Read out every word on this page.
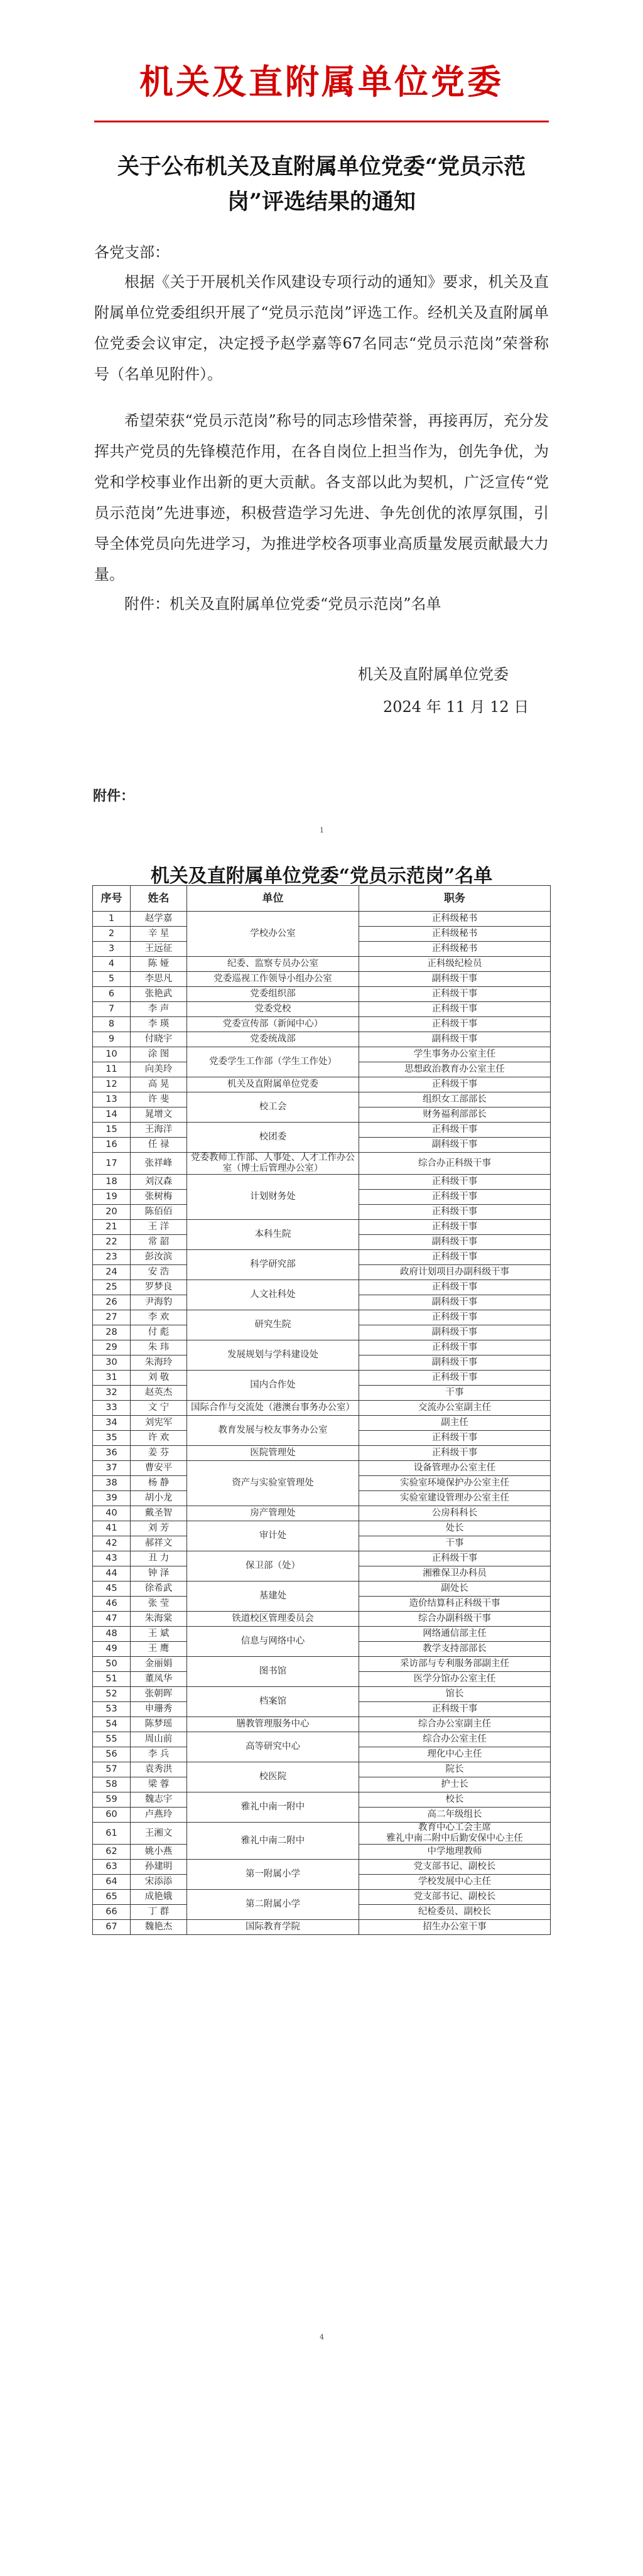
机关及直附属单位党委
关于公布机关及直附属单位党委“党员示范岗”评选结果的通知
各党支部：
根据《关于开展机关作风建设专项行动的通知》要求，机关及直附属单位党委组织开展了“党员示范岗”评选工作。经机关及直附属单位党委会议审定，决定授予赵学嘉等67名同志“党员示范岗”荣誉称号（名单见附件）。
希望荣获“党员示范岗”称号的同志珍惜荣誉，再接再厉，充分发挥共产党员的先锋模范作用，在各自岗位上担当作为，创先争优，为党和学校事业作出新的更大贡献。各支部以此为契机，广泛宣传“党员示范岗”先进事迹，积极营造学习先进、争先创优的浓厚氛围，引导全体党员向先进学习，为推进学校各项事业高质量发展贡献最大力量。
附件：机关及直附属单位党委“党员示范岗”名单
机关及直附属单位党委
2024 年 11 月 12 日
附件：
1
机关及直附属单位党委“党员示范岗”名单
序号	姓名	单位	职务
1	赵学嘉	学校办公室	正科级秘书
2	辛 星		正科级秘书
3	王远征		正科级秘书
4	陈 娅	纪委、监察专员办公室	正科级纪检员
5	李思凡	党委巡视工作领导小组办公室	副科级干事
6	张艳武	党委组织部	正科级干事
7	李 声	党委党校	正科级干事
8	李 瑛	党委宣传部（新闻中心）	正科级干事
9	付晓宇	党委统战部	副科级干事
10	涂 图	党委学生工作部（学生工作处）	学生事务办公室主任
11	向美玲		思想政治教育办公室主任
12	高 晃	机关及直附属单位党委	正科级干事
13	许 斐	校工会	组织女工部部长
14	晁增文		财务福利部部长
15	王海洋	校团委	正科级干事
16	任 禄		副科级干事
17	张祥峰	党委教师工作部、人事处、人才工作办公室（博士后管理办公室）	综合办正科级干事
18	刘汉森	计划财务处	正科级干事
19	张树梅		正科级干事
20	陈佰佰		正科级干事
21	王 洋	本科生院	正科级干事
22	常 韶		副科级干事
23	彭汝滨	科学研究部	正科级干事
24	安 浩		政府计划项目办副科级干事
25	罗梦良	人文社科处	正科级干事
26	尹海豹		副科级干事
27	李 欢	研究生院	正科级干事
28	付 彪		副科级干事
29	朱 玮	发展规划与学科建设处	正科级干事
30	朱海玲		副科级干事
31	刘 敬	国内合作处	正科级干事
32	赵英杰		干事
33	文 宁	国际合作与交流处（港澳台事务办公室）	交流办公室副主任
34	刘宪军	教育发展与校友事务办公室	副主任
35	许 欢		正科级干事
36	姜 芬	医院管理处	正科级干事
37	曹安平	资产与实验室管理处	设备管理办公室主任
38	杨 静		实验室环境保护办公室主任
39	胡小龙		实验室建设管理办公室主任
40	戴圣智	房产管理处	公房科科长
41	刘 芳	审计处	处长
42	郝祥文		干事
43	丑 力	保卫部（处）	正科级干事
44	钟 泽		湘雅保卫办科员
45	徐希武	基建处	副处长
46	张 莹		造价结算科正科级干事
47	朱海棠	铁道校区管理委员会	综合办副科级干事
48	王 斌	信息与网络中心	网络通信部主任
49	王 鹰		教学支持部部长
50	金丽娟	图书馆	采访部与专利服务部副主任
51	董凤华		医学分馆办公室主任
52	张朝晖	档案馆	馆长
53	申珊秀		正科级干事
54	陈梦瑶	膳教管理服务中心	综合办公室副主任
55	周山前	高等研究中心	综合办公室主任
56	李 兵		理化中心主任
57	袁秀洪	校医院	院长
58	梁 蓉		护士长
59	魏志宇	雅礼中南一附中	校长
60	卢燕玲		高二年级组长
61	王湘文	雅礼中南二附中	教育中心工会主席
雅礼中南二附中后勤安保中心主任
62	姚小燕		中学地理教师
63	孙建明	第一附属小学	党支部书记、副校长
64	宋添添		学校发展中心主任
65	成艳娥	第二附属小学	党支部书记、副校长
66	丁 群		纪检委员、副校长
67	魏艳杰	国际教育学院	招生办公室干事
4
